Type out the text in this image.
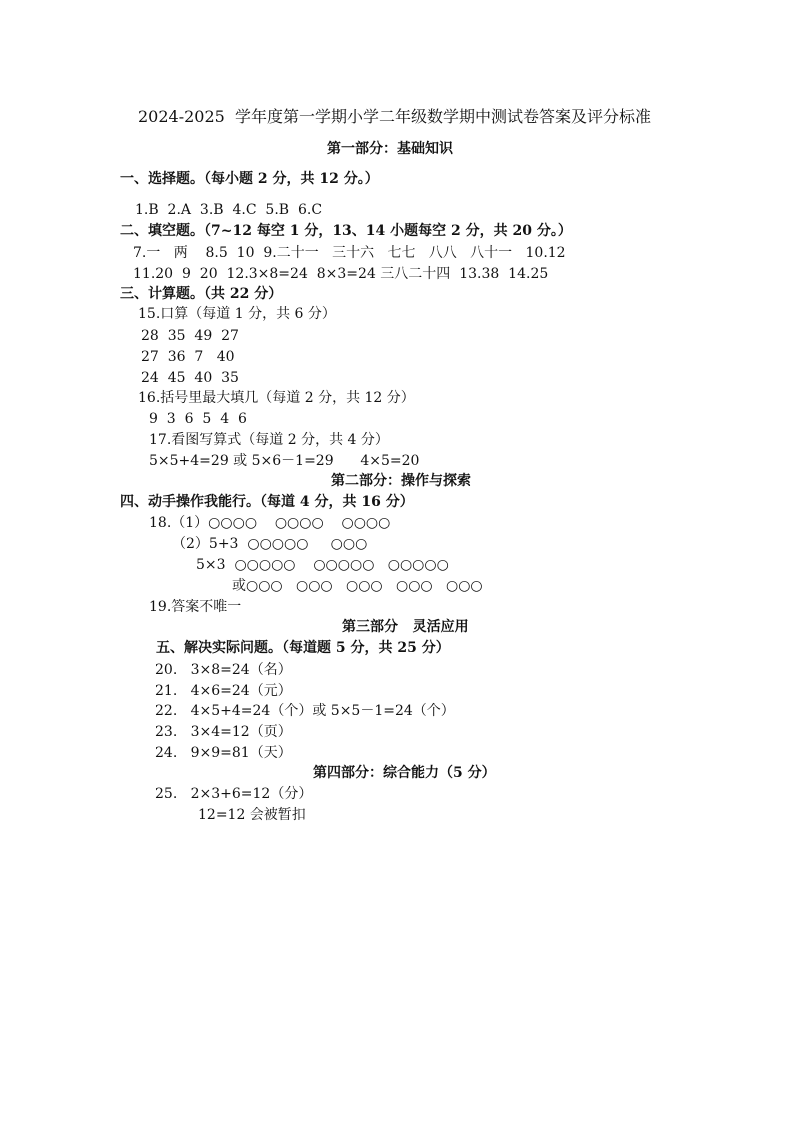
2024-2025  学年度第一学期小学二年级数学期中测试卷答案及评分标准
第一部分：基础知识
一、选择题。（每小题 2 分，共 12 分。）
1.B  2.A  3.B  4.C  5.B  6.C
二、填空题。（7~12 每空 1 分，13、14 小题每空 2 分，共 20 分。）
7.一   两    8.5  10  9.二十一   三十六   七七   八八   八十一   10.12
11.20  9  20  12.3×8=24  8×3=24 三八二十四  13.38  14.25
三、计算题。（共 22 分）
15.口算（每道 1 分，共 6 分）
28  35  49  27
27  36  7   40
24  45  40  35
16.括号里最大填几（每道 2 分，共 12 分）
9  3  6  5  4  6
17.看图写算式（每道 2 分，共 4 分）
5×5+4=29 或 5×6－1=29      4×5=20
第二部分：操作与探索
四、动手操作我能行。（每道 4 分，共 16 分）
18.（1）○○○○    ○○○○    ○○○○
（2）5+3  ○○○○○     ○○○
5×3  ○○○○○    ○○○○○   ○○○○○
或○○○   ○○○   ○○○   ○○○   ○○○
19.答案不唯一
第三部分   灵活应用
五、解决实际问题。（每道题 5 分，共 25 分）
20.   3×8=24（名）
21.   4×6=24（元）
22.   4×5+4=24（个）或 5×5－1=24（个）
23.   3×4=12（页）
24.   9×9=81（天）
第四部分：综合能力（5 分）
25.   2×3+6=12（分）
12=12 会被暂扣
